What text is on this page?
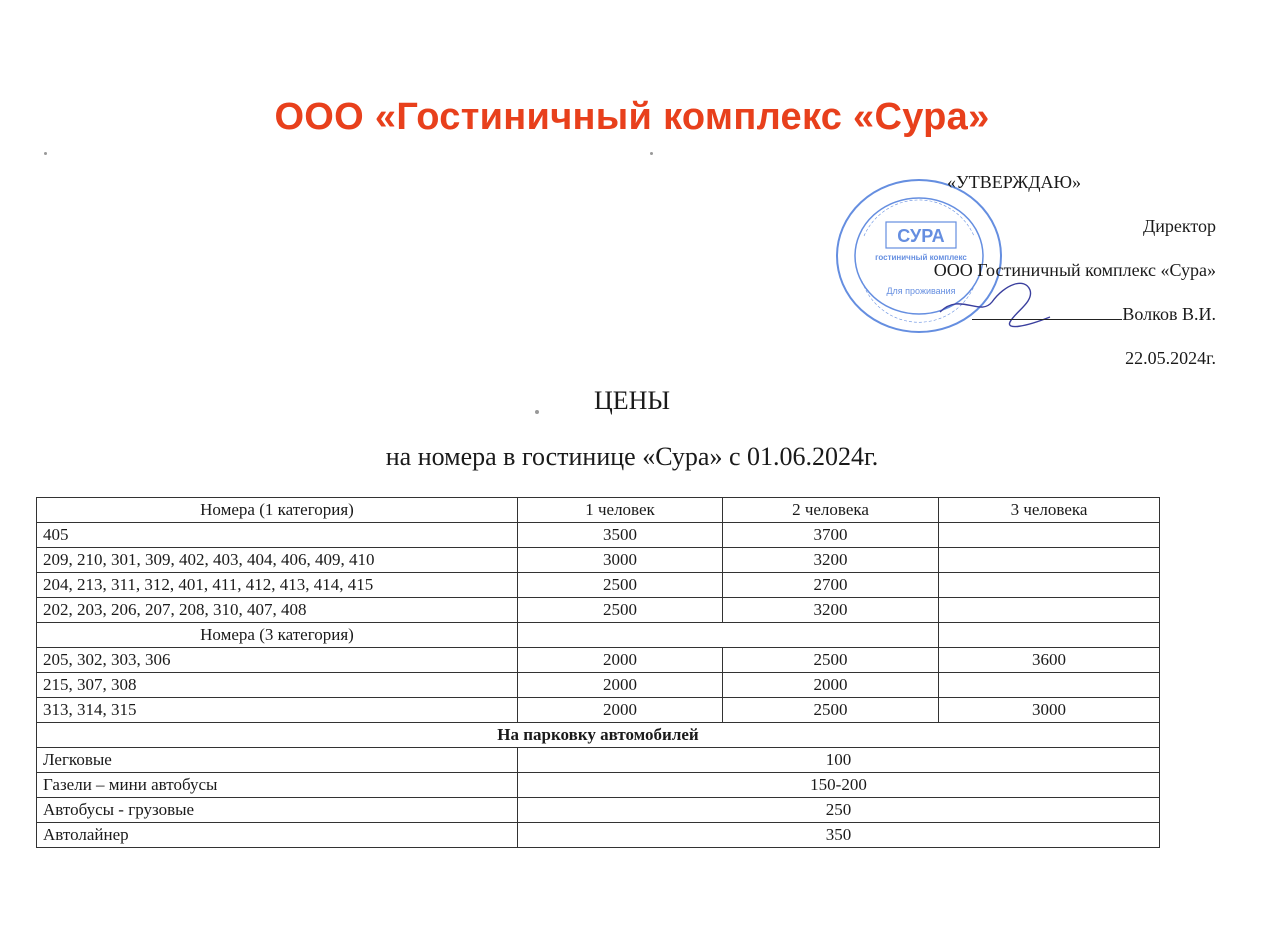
ООО «Гостиничный комплекс «Сура»
СУРА
гостиничный комплекс
Для проживания
«УТВЕРЖДАЮ»
Директор
ООО Гостиничный комплекс «Сура»
Волков В.И.
22.05.2024г.
ЦЕНЫ
на номера в гостинице «Сура» с 01.06.2024г.
Номера (1 категория)	1 человек	2 человека	3 человека
405	3500	3700	
209, 210, 301, 309, 402, 403, 404, 406, 409, 410	3000	3200	
204, 213, 311, 312, 401, 411, 412, 413, 414, 415	2500	2700	
202, 203, 206, 207, 208, 310, 407, 408	2500	3200	
Номера (3 категория)			
205, 302, 303, 306	2000	2500	3600
215, 307, 308	2000	2000	
313, 314, 315	2000	2500	3000
На парковку автомобилей			
Легковые	100		
Газели – мини автобусы	150-200		
Автобусы - грузовые	250		
Автолайнер	350		
